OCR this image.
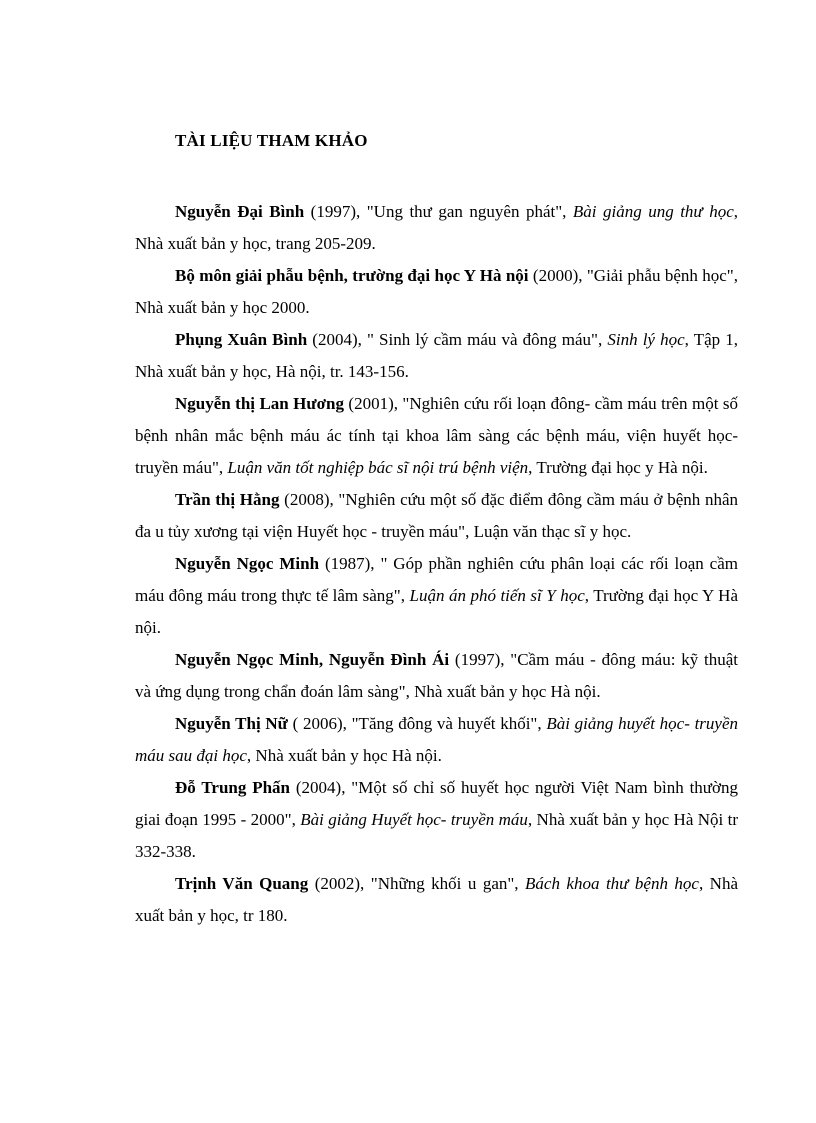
TÀI LIỆU THAM KHẢO

Nguyễn Đại Bình (1997), "Ung thư gan nguyên phát", Bài giảng ung thư học, Nhà xuất bản y học, trang 205-209.

Bộ môn giải phẫu bệnh, trường đại học Y Hà nội (2000), "Giải phẫu bệnh học", Nhà xuất bản y học 2000.

Phụng Xuân Bình (2004), " Sinh lý cầm máu và đông máu", Sinh lý học, Tập 1, Nhà xuất bản y học, Hà nội, tr. 143-156.

Nguyễn thị Lan Hương (2001), "Nghiên cứu rối loạn đông- cầm máu trên một số bệnh nhân mắc bệnh máu ác tính tại khoa lâm sàng các bệnh máu, viện huyết học- truyền máu", Luận văn tốt nghiệp bác sĩ nội trú bệnh viện, Trường đại học y Hà nội.

Trần thị Hằng (2008), "Nghiên cứu một số đặc điểm đông cầm máu ở bệnh nhân đa u tủy xương tại viện Huyết học - truyền máu", Luận văn thạc sĩ y học.

Nguyễn Ngọc Minh (1987), " Góp phần nghiên cứu phân loại các rối loạn cầm máu đông máu trong thực tế lâm sàng", Luận án phó tiến sĩ Y học, Trường đại học Y Hà nội.

Nguyễn Ngọc Minh, Nguyễn Đình Ái (1997), "Cầm máu - đông máu: kỹ thuật và ứng dụng trong chẩn đoán lâm sàng", Nhà xuất bản y học Hà nội.

Nguyễn Thị Nữ ( 2006), "Tăng đông và huyết khối", Bài giảng huyết học- truyền máu sau đại học, Nhà xuất bản y học Hà nội.

Đỗ Trung Phấn (2004), "Một số chỉ số huyết học người Việt Nam bình thường giai đoạn 1995 - 2000", Bài giảng Huyết học- truyền máu, Nhà xuất bản y học Hà Nội tr 332-338.

Trịnh Văn Quang (2002), "Những khối u gan", Bách khoa thư bệnh học, Nhà xuất bản y học, tr 180.
